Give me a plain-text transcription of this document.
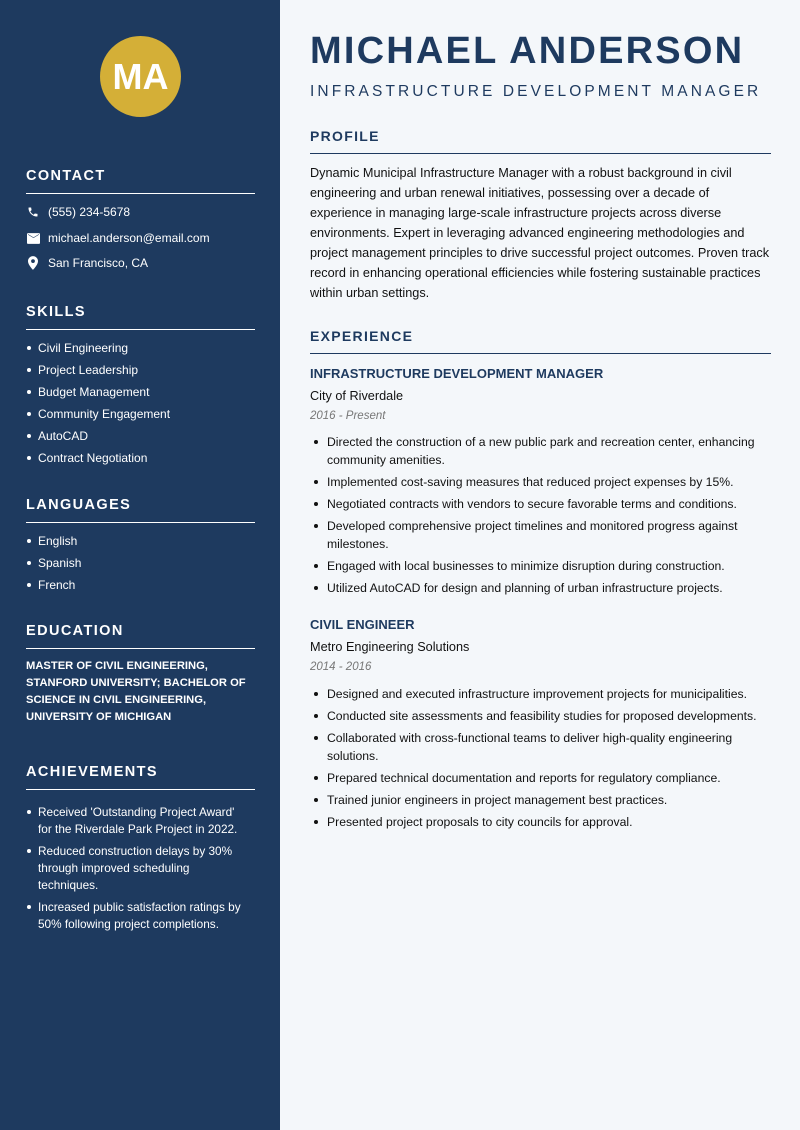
MA
CONTACT
(555) 234-5678
michael.anderson@email.com
San Francisco, CA
SKILLS
Civil Engineering
Project Leadership
Budget Management
Community Engagement
AutoCAD
Contract Negotiation
LANGUAGES
English
Spanish
French
EDUCATION
MASTER OF CIVIL ENGINEERING, STANFORD UNIVERSITY; BACHELOR OF SCIENCE IN CIVIL ENGINEERING, UNIVERSITY OF MICHIGAN
ACHIEVEMENTS
Received 'Outstanding Project Award' for the Riverdale Park Project in 2022.
Reduced construction delays by 30% through improved scheduling techniques.
Increased public satisfaction ratings by 50% following project completions.
MICHAEL ANDERSON
INFRASTRUCTURE DEVELOPMENT MANAGER
PROFILE
Dynamic Municipal Infrastructure Manager with a robust background in civil engineering and urban renewal initiatives, possessing over a decade of experience in managing large-scale infrastructure projects across diverse environments. Expert in leveraging advanced engineering methodologies and project management principles to drive successful project outcomes. Proven track record in enhancing operational efficiencies while fostering sustainable practices within urban settings.
EXPERIENCE
INFRASTRUCTURE DEVELOPMENT MANAGER
City of Riverdale
2016 - Present
Directed the construction of a new public park and recreation center, enhancing community amenities.
Implemented cost-saving measures that reduced project expenses by 15%.
Negotiated contracts with vendors to secure favorable terms and conditions.
Developed comprehensive project timelines and monitored progress against milestones.
Engaged with local businesses to minimize disruption during construction.
Utilized AutoCAD for design and planning of urban infrastructure projects.
CIVIL ENGINEER
Metro Engineering Solutions
2014 - 2016
Designed and executed infrastructure improvement projects for municipalities.
Conducted site assessments and feasibility studies for proposed developments.
Collaborated with cross-functional teams to deliver high-quality engineering solutions.
Prepared technical documentation and reports for regulatory compliance.
Trained junior engineers in project management best practices.
Presented project proposals to city councils for approval.
